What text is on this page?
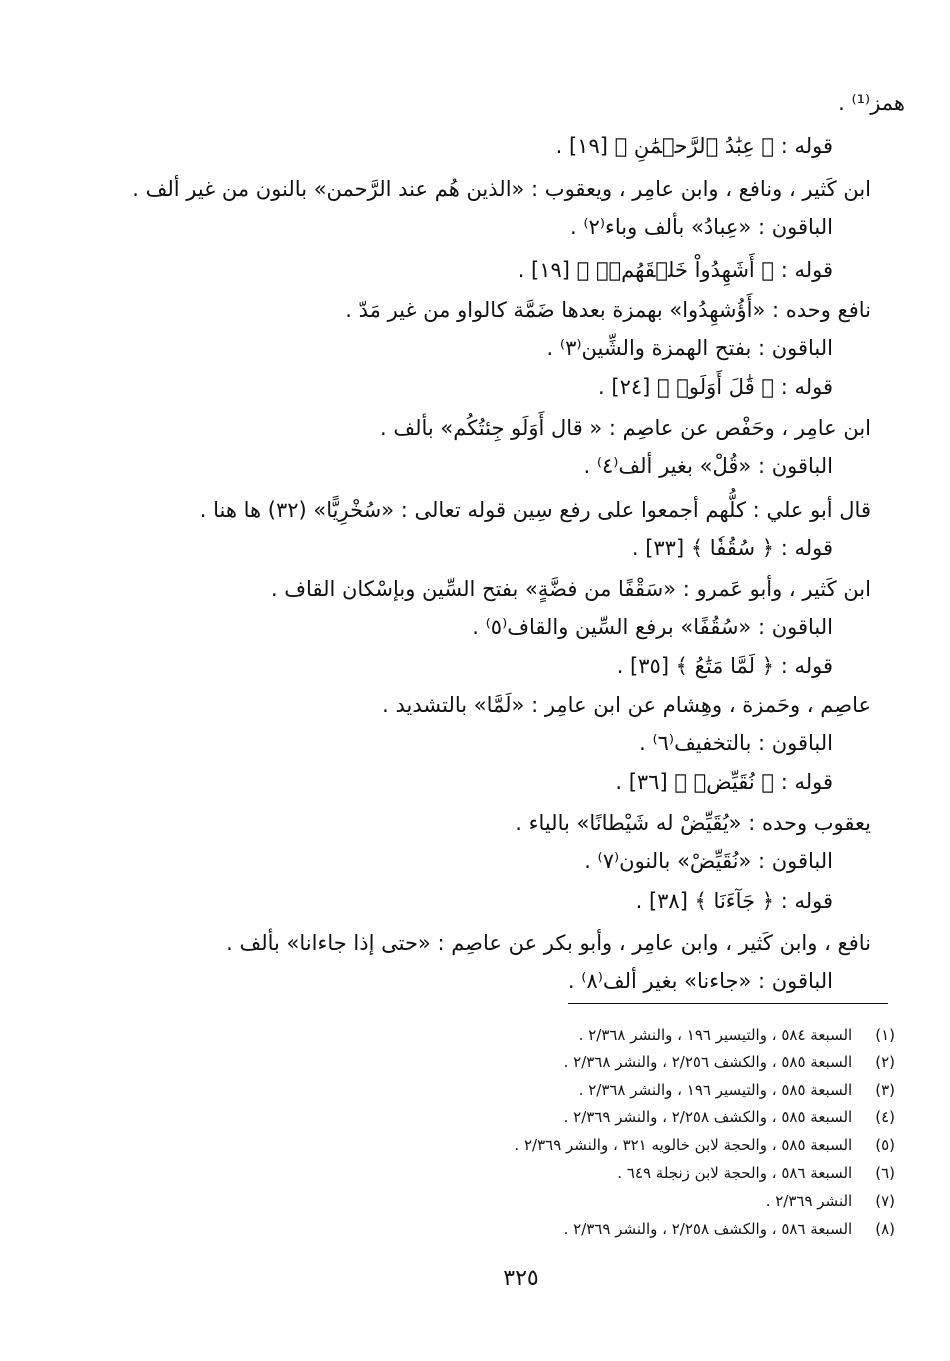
همز⁽¹⁾ .

قوله : ﴿ عِبَٰدُ ٱلرَّحۡمَٰنِ ﴾ [١٩] .

ابن كَثير ، ونافع ، وابن عامِر ، ويعقوب : «الذين هُم عند الرَّحمن» بالنون من غير ألف .

الباقون : «عِبادُ» بألف وباء⁽٢⁾ .

قوله : ﴿ أَشَهِدُواْ خَلۡقَهُمۡۚ ﴾ [١٩] .

نافع وحده : «أَؤُشهِدُوا» بهمزة بعدها ضَمَّة كالواو من غير مَدّ .

الباقون : بفتح الهمزة والشِّين⁽٣⁾ .

قوله : ﴿ قَٰلَ أَوَلَوۡ ﴾ [٢٤] .

ابن عامِر ، وحَفْص عن عاصِم : « قال أَوَلَو جِئتُكُم» بألف .

الباقون : «قُلْ» بغير ألف⁽٤⁾ .

قال أبو علي : كلُّهم أجمعوا على رفع سِين قوله تعالى : «سُخْرِيًّا» (٣٢) ها هنا .

قوله : ﴿ سُقُفٗا ﴾ [٣٣] .

ابن كَثير ، وأبو عَمرو : «سَقْفًا من فضَّةٍ» بفتح السِّين وبإسْكان القاف .

الباقون : «سُقُفًا» برفع السِّين والقاف⁽٥⁾ .

قوله : ﴿ لَمَّا مَتَٰعُ ﴾ [٣٥] .

عاصِم ، وحَمزة ، وهِشام عن ابن عامِر : «لَمَّا» بالتشديد .

الباقون : بالتخفيف⁽٦⁾ .

قوله : ﴿ نُقَيِّضۡ ﴾ [٣٦] .

يعقوب وحده : «يُقَيِّضْ له شَيْطانًا» بالياء .

الباقون : «نُقَيِّضْ» بالنون⁽٧⁾ .

قوله : ﴿ جَآءَنَا ﴾ [٣٨] .

نافع ، وابن كَثير ، وابن عامِر ، وأبو بكر عن عاصِم : «حتى إذا جاءانا» بألف .

الباقون : «جاءنا» بغير ألف⁽٨⁾ .

(١) السبعة ٥٨٤ ، والتيسير ١٩٦ ، والنشر ٢/٣٦٨ .
(٢) السبعة ٥٨٥ ، والكشف ٢/٢٥٦ ، والنشر ٢/٣٦٨ .
(٣) السبعة ٥٨٥ ، والتيسير ١٩٦ ، والنشر ٢/٣٦٨ .
(٤) السبعة ٥٨٥ ، والكشف ٢/٢٥٨ ، والنشر ٢/٣٦٩ .
(٥) السبعة ٥٨٥ ، والحجة لابن خالويه ٣٢١ ، والنشر ٢/٣٦٩ .
(٦) السبعة ٥٨٦ ، والحجة لابن زنجلة ٦٤٩ .
(٧) النشر ٢/٣٦٩ .
(٨) السبعة ٥٨٦ ، والكشف ٢/٢٥٨ ، والنشر ٢/٣٦٩ .
٣٢٥
